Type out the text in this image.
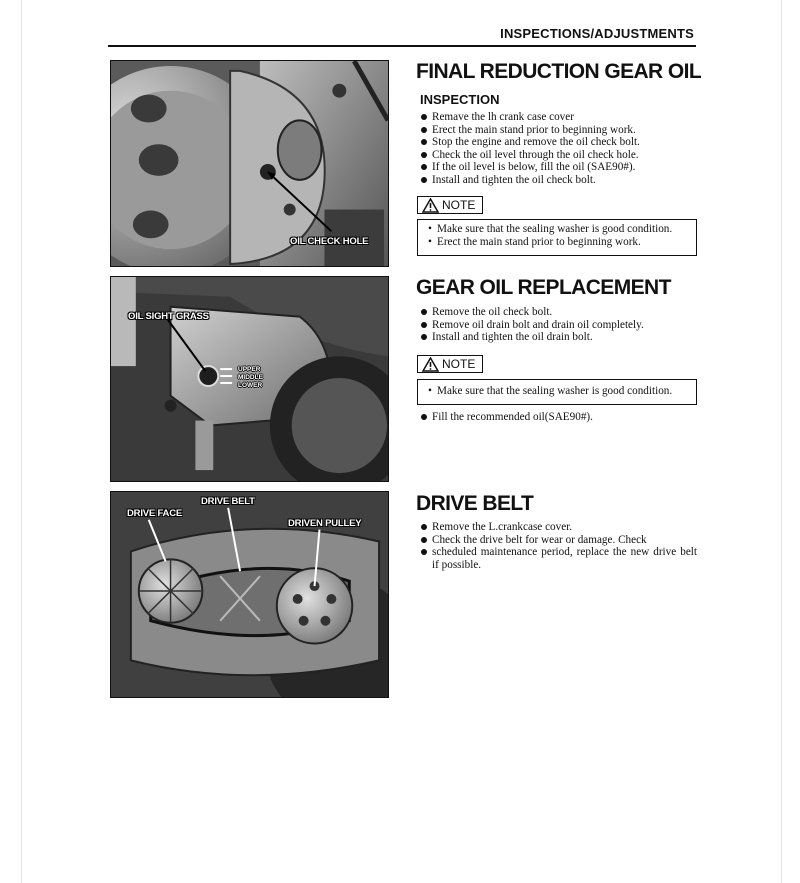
INSPECTIONS/ADJUSTMENTS
OIL CHECK HOLE
OIL SIGHT GRASS
UPPER
MIDDLE
LOWER
DRIVE FACE
DRIVE BELT
DRIVEN PULLEY
FINAL REDUCTION GEAR OIL
INSPECTION
Remave the lh crank case cover
Erect the main stand prior to beginning work.
Stop the engine and remove the oil check bolt.
Check the oil level through the oil check hole.
If the oil level is below, fill the oil (SAE90#).
Install and tighten the oil check bolt.
NOTE
• Make sure that the sealing washer is good condition.
• Erect the main stand prior to beginning work.
GEAR OIL REPLACEMENT
Remove the oil check bolt.
Remove oil drain bolt and drain oil completely.
Install and tighten the oil drain bolt.
NOTE
• Make sure that the sealing washer is good condition.
Fill the recommended oil(SAE90#).
DRIVE BELT
Remove the L.crankcase cover.
Check the drive belt for wear or damage. Check
scheduled maintenance period, replace the new drive belt if possible.
